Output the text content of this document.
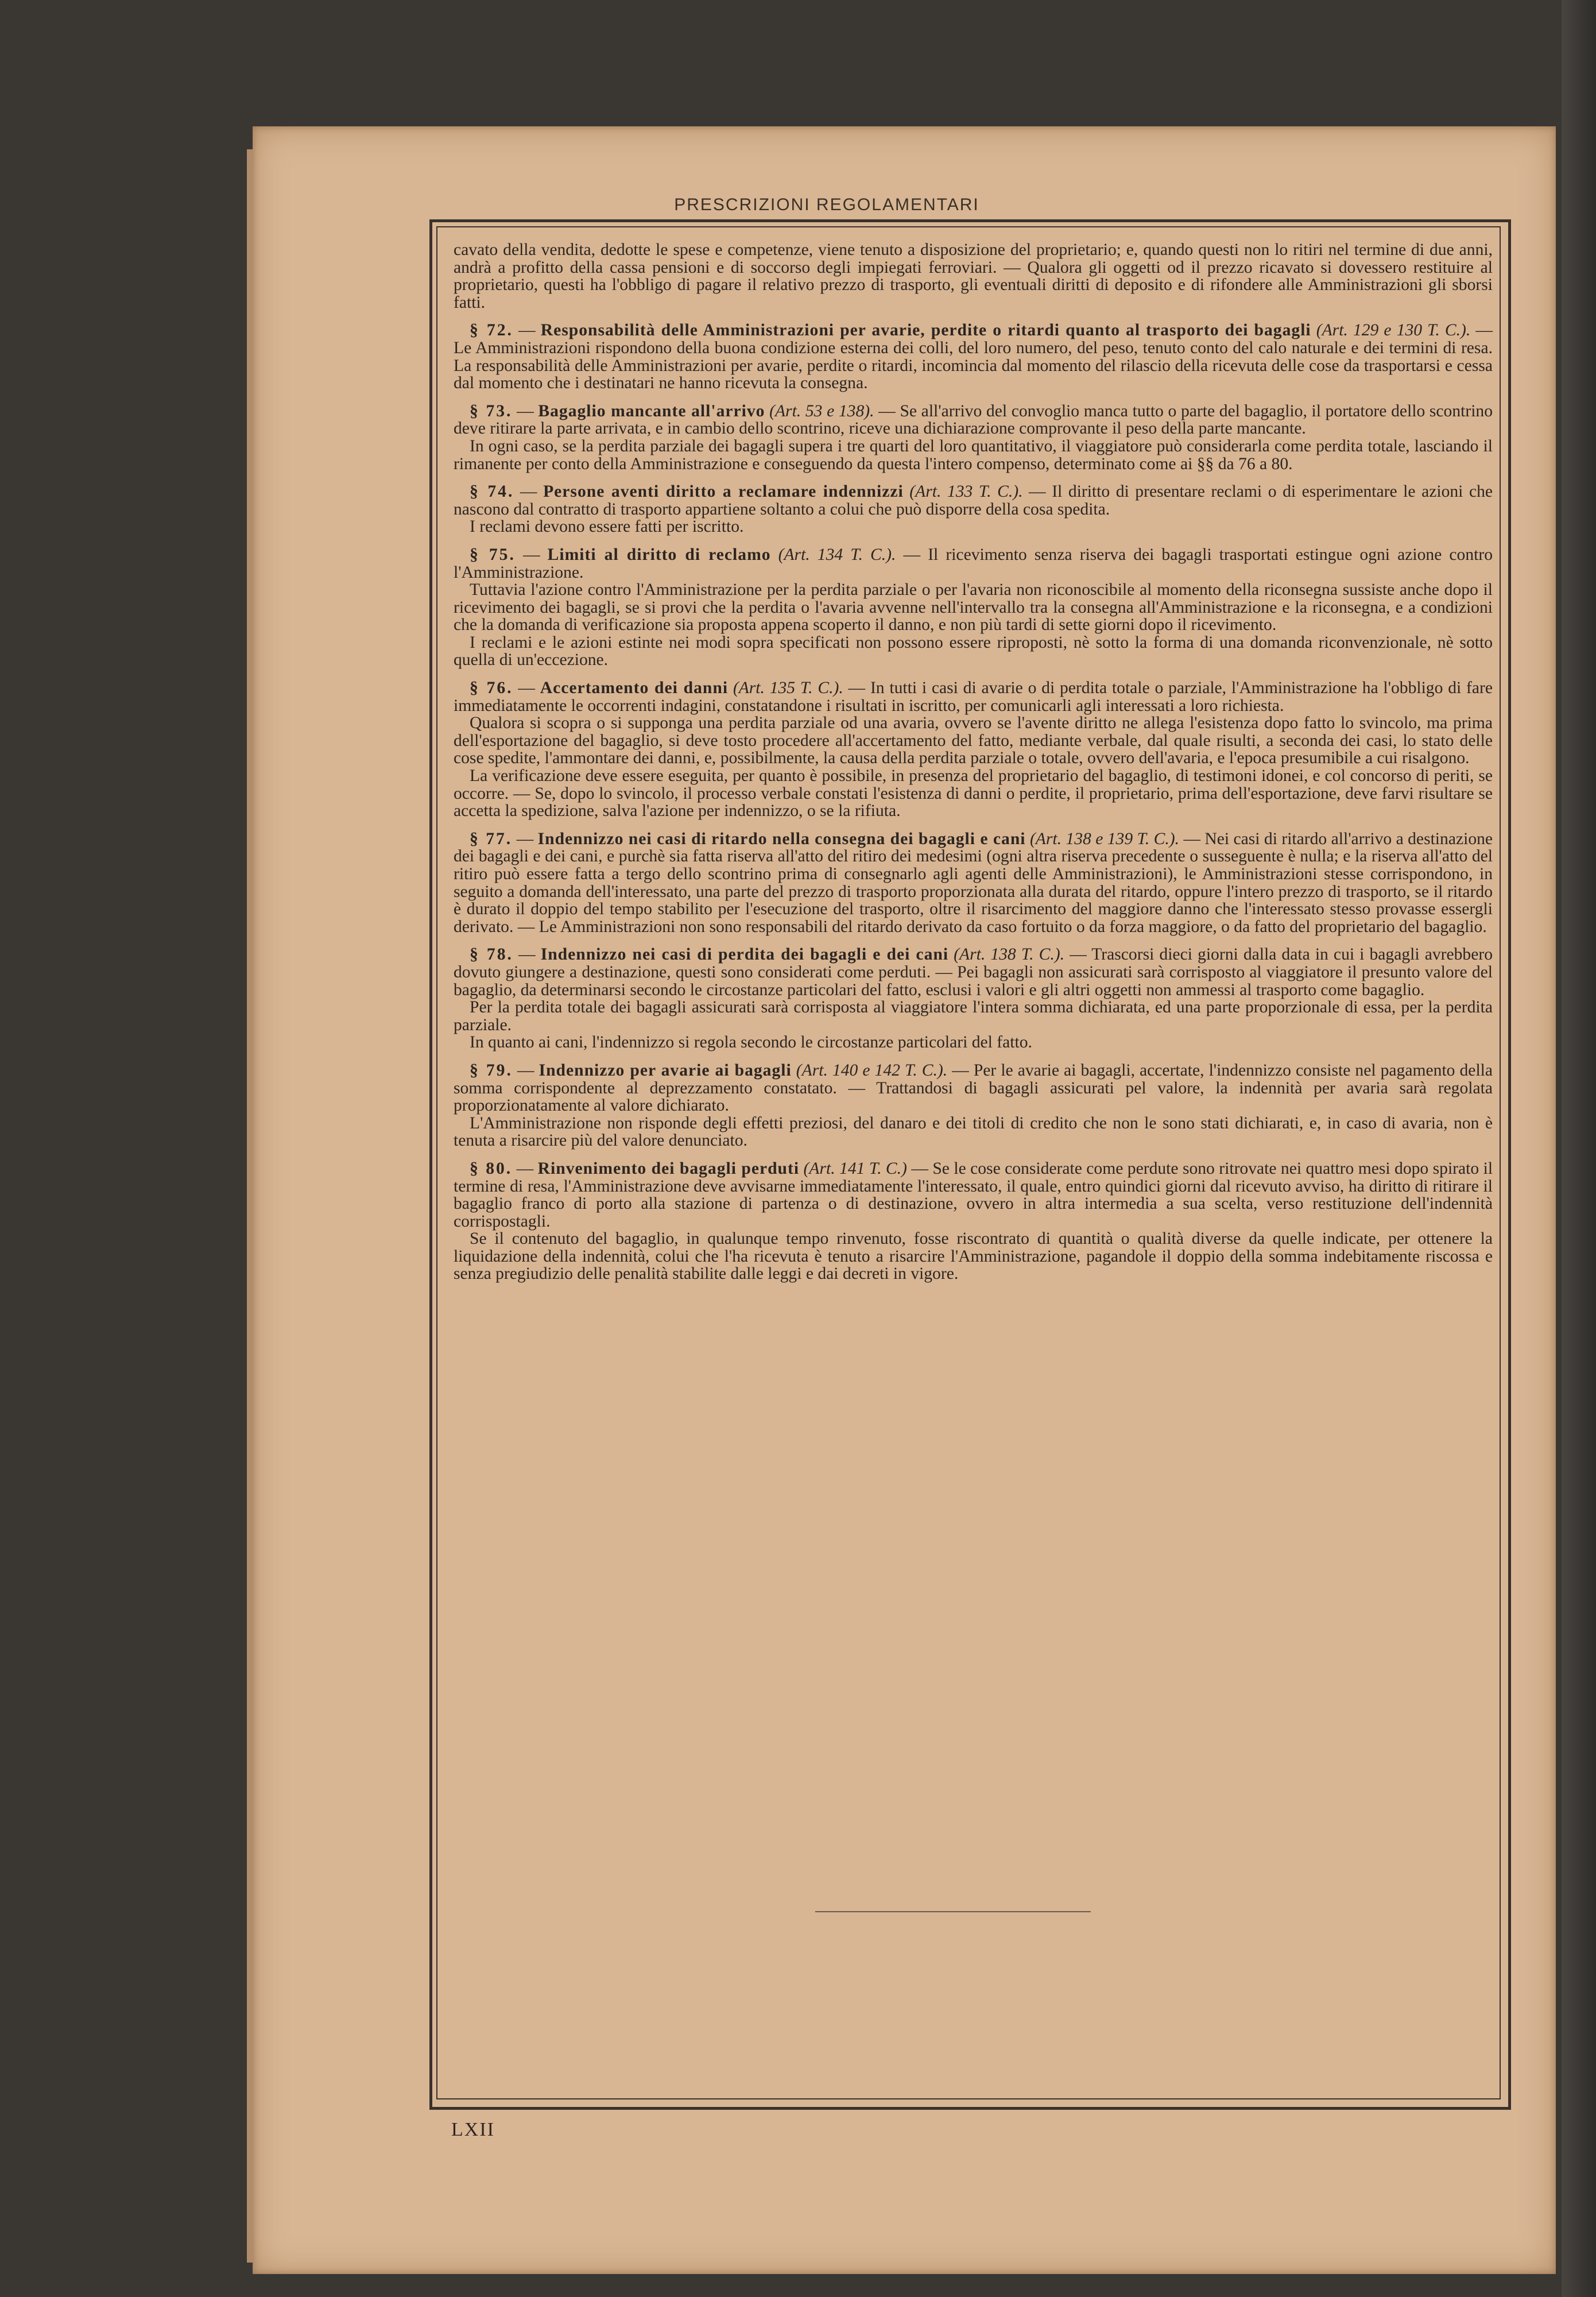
PRESCRIZIONI REGOLAMENTARI

cavato della vendita, dedotte le spese e competenze, viene tenuto a disposizione del proprietario; e, quando questi non lo ritiri nel termine di due anni, andrà a profitto della cassa pensioni e di soccorso degli impiegati ferroviari. — Qualora gli oggetti od il prezzo ricavato si dovessero restituire al proprietario, questi ha l'obbligo di pagare il relativo prezzo di trasporto, gli eventuali diritti di deposito e di rifondere alle Amministrazioni gli sborsi fatti.

§ 72. — Responsabilità delle Amministrazioni per avarie, perdite o ritardi quanto al trasporto dei bagagli (Art. 129 e 130 T. C.). — Le Amministrazioni rispondono della buona condizione esterna dei colli, del loro numero, del peso, tenuto conto del calo naturale e dei termini di resa. La responsabilità delle Amministrazioni per avarie, perdite o ritardi, incomincia dal momento del rilascio della ricevuta delle cose da trasportarsi e cessa dal momento che i destinatari ne hanno ricevuta la consegna.

§ 73. — Bagaglio mancante all'arrivo (Art. 53 e 138). — Se all'arrivo del convoglio manca tutto o parte del bagaglio, il portatore dello scontrino deve ritirare la parte arrivata, e in cambio dello scontrino, riceve una dichiarazione comprovante il peso della parte mancante.

In ogni caso, se la perdita parziale dei bagagli supera i tre quarti del loro quantitativo, il viaggiatore può considerarla come perdita totale, lasciando il rimanente per conto della Amministrazione e conseguendo da questa l'intero compenso, determinato come ai §§ da 76 a 80.

§ 74. — Persone aventi diritto a reclamare indennizzi (Art. 133 T. C.). — Il diritto di presentare reclami o di esperimentare le azioni che nascono dal contratto di trasporto appartiene soltanto a colui che può disporre della cosa spedita.

I reclami devono essere fatti per iscritto.

§ 75. — Limiti al diritto di reclamo (Art. 134 T. C.). — Il ricevimento senza riserva dei bagagli trasportati estingue ogni azione contro l'Amministrazione.

Tuttavia l'azione contro l'Amministrazione per la perdita parziale o per l'avaria non riconoscibile al momento della riconsegna sussiste anche dopo il ricevimento dei bagagli, se si provi che la perdita o l'avaria avvenne nell'intervallo tra la consegna all'Amministrazione e la riconsegna, e a condizioni che la domanda di verificazione sia proposta appena scoperto il danno, e non più tardi di sette giorni dopo il ricevimento.

I reclami e le azioni estinte nei modi sopra specificati non possono essere riproposti, nè sotto la forma di una domanda riconvenzionale, nè sotto quella di un'eccezione.

§ 76. — Accertamento dei danni (Art. 135 T. C.). — In tutti i casi di avarie o di perdita totale o parziale, l'Amministrazione ha l'obbligo di fare immediatamente le occorrenti indagini, constatandone i risultati in iscritto, per comunicarli agli interessati a loro richiesta.

Qualora si scopra o si supponga una perdita parziale od una avaria, ovvero se l'avente diritto ne allega l'esistenza dopo fatto lo svincolo, ma prima dell'esportazione del bagaglio, si deve tosto procedere all'accertamento del fatto, mediante verbale, dal quale risulti, a seconda dei casi, lo stato delle cose spedite, l'ammontare dei danni, e, possibilmente, la causa della perdita parziale o totale, ovvero dell'avaria, e l'epoca presumibile a cui risalgono.

La verificazione deve essere eseguita, per quanto è possibile, in presenza del proprietario del bagaglio, di testimoni idonei, e col concorso di periti, se occorre. — Se, dopo lo svincolo, il processo verbale constati l'esistenza di danni o perdite, il proprietario, prima dell'esportazione, deve farvi risultare se accetta la spedizione, salva l'azione per indennizzo, o se la rifiuta.

§ 77. — Indennizzo nei casi di ritardo nella consegna dei bagagli e cani (Art. 138 e 139 T. C.). — Nei casi di ritardo all'arrivo a destinazione dei bagagli e dei cani, e purchè sia fatta riserva all'atto del ritiro dei medesimi (ogni altra riserva precedente o susseguente è nulla; e la riserva all'atto del ritiro può essere fatta a tergo dello scontrino prima di consegnarlo agli agenti delle Amministrazioni), le Amministrazioni stesse corrispondono, in seguito a domanda dell'interessato, una parte del prezzo di trasporto proporzionata alla durata del ritardo, oppure l'intero prezzo di trasporto, se il ritardo è durato il doppio del tempo stabilito per l'esecuzione del trasporto, oltre il risarcimento del maggiore danno che l'interessato stesso provasse essergli derivato. — Le Amministrazioni non sono responsabili del ritardo derivato da caso fortuito o da forza maggiore, o da fatto del proprietario del bagaglio.

§ 78. — Indennizzo nei casi di perdita dei bagagli e dei cani (Art. 138 T. C.). — Trascorsi dieci giorni dalla data in cui i bagagli avrebbero dovuto giungere a destinazione, questi sono considerati come perduti. — Pei bagagli non assicurati sarà corrisposto al viaggiatore il presunto valore del bagaglio, da determinarsi secondo le circostanze particolari del fatto, esclusi i valori e gli altri oggetti non ammessi al trasporto come bagaglio.

Per la perdita totale dei bagagli assicurati sarà corrisposta al viaggiatore l'intera somma dichiarata, ed una parte proporzionale di essa, per la perdita parziale.

In quanto ai cani, l'indennizzo si regola secondo le circostanze particolari del fatto.

§ 79. — Indennizzo per avarie ai bagagli (Art. 140 e 142 T. C.). — Per le avarie ai bagagli, accertate, l'indennizzo consiste nel pagamento della somma corrispondente al deprezzamento constatato. — Trattandosi di bagagli assicurati pel valore, la indennità per avaria sarà regolata proporzionatamente al valore dichiarato.

L'Amministrazione non risponde degli effetti preziosi, del danaro e dei titoli di credito che non le sono stati dichiarati, e, in caso di avaria, non è tenuta a risarcire più del valore denunciato.

§ 80. — Rinvenimento dei bagagli perduti (Art. 141 T. C.) — Se le cose considerate come perdute sono ritrovate nei quattro mesi dopo spirato il termine di resa, l'Amministrazione deve avvisarne immediatamente l'interessato, il quale, entro quindici giorni dal ricevuto avviso, ha diritto di ritirare il bagaglio franco di porto alla stazione di partenza o di destinazione, ovvero in altra intermedia a sua scelta, verso restituzione dell'indennità corrispostagli.

Se il contenuto del bagaglio, in qualunque tempo rinvenuto, fosse riscontrato di quantità o qualità diverse da quelle indicate, per ottenere la liquidazione della indennità, colui che l'ha ricevuta è tenuto a risarcire l'Amministrazione, pagandole il doppio della somma indebitamente riscossa e senza pregiudizio delle penalità stabilite dalle leggi e dai decreti in vigore.

LXII
